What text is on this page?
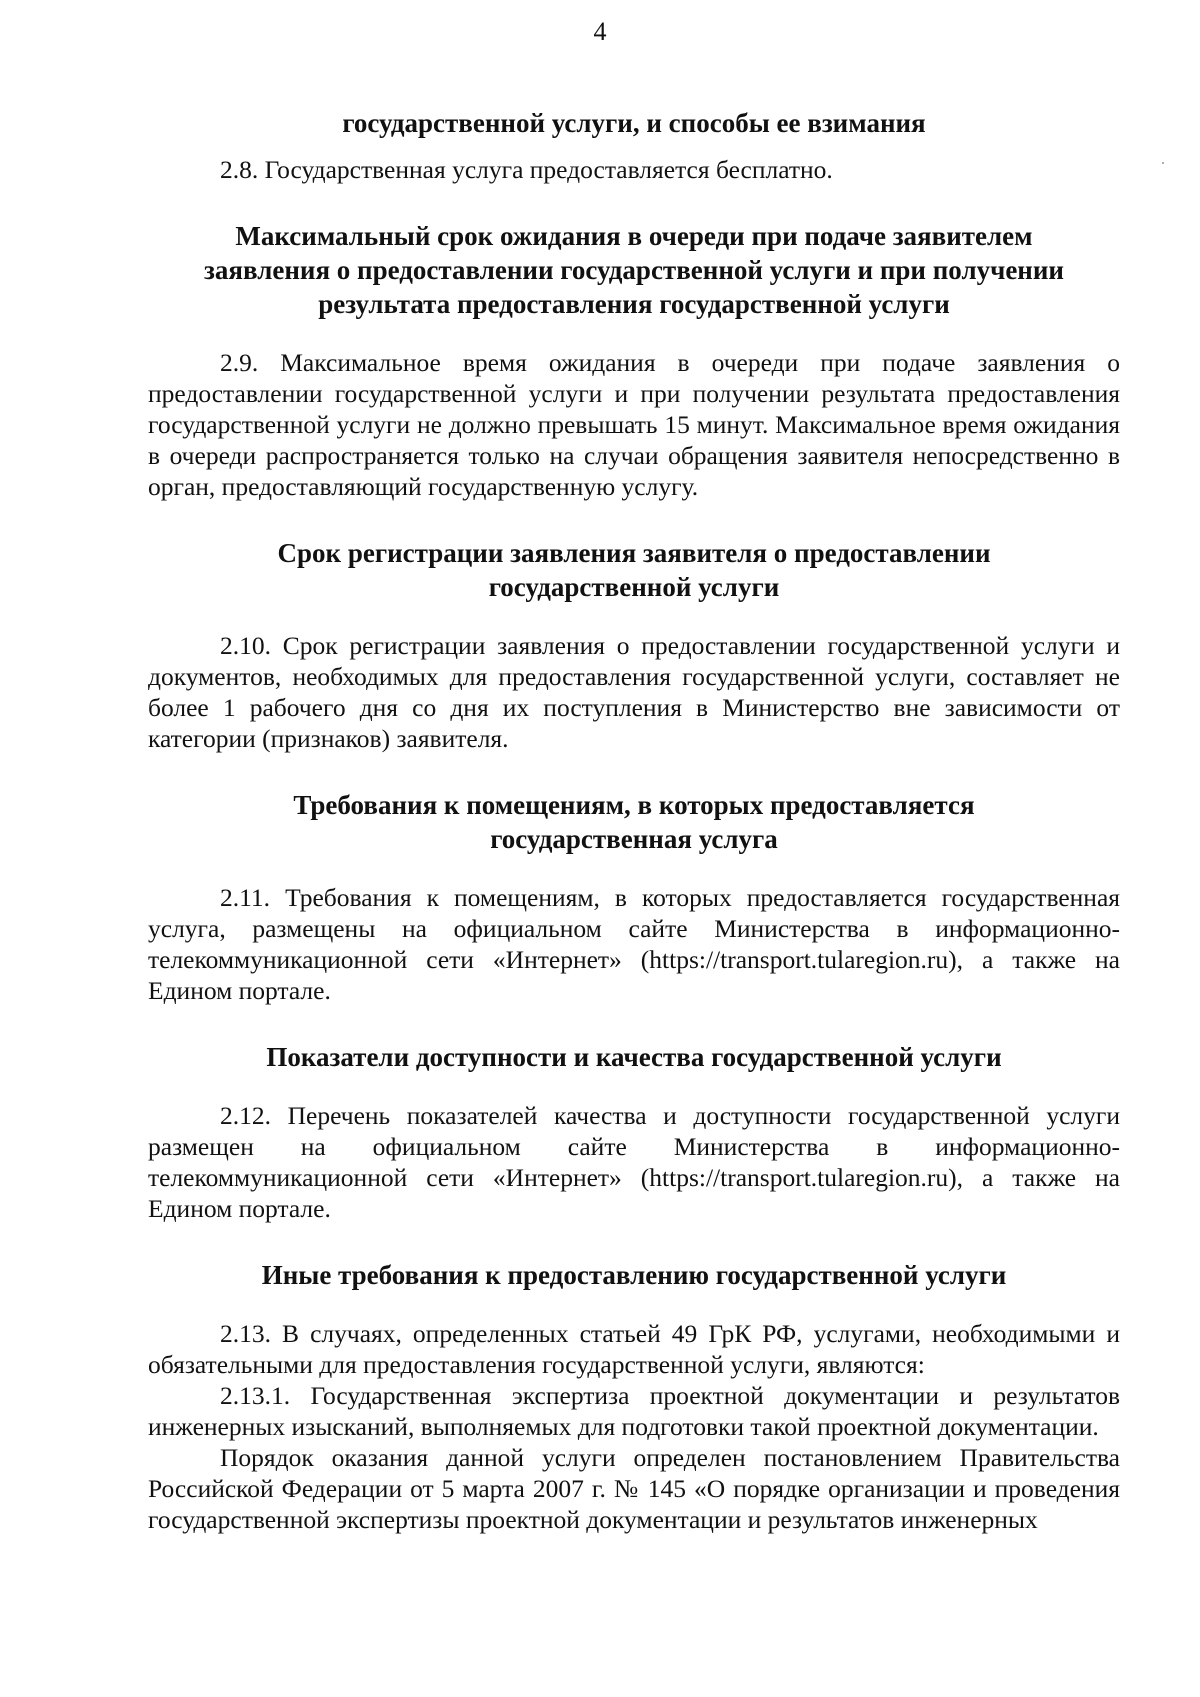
4
государственной услуги, и способы ее взимания

2.8. Государственная услуга предоставляется бесплатно.

Максимальный срок ожидания в очереди при подаче заявителем
заявления о предоставлении государственной услуги и при получении
результата предоставления государственной услуги

2.9. Максимальное время ожидания в очереди при подаче заявления о предоставлении государственной услуги и при получении результата предоставления государственной услуги не должно превышать 15 минут. Максимальное время ожидания в очереди распространяется только на случаи обращения заявителя непосредственно в орган, предоставляющий государственную услугу.

Срок регистрации заявления заявителя о предоставлении
государственной услуги

2.10. Срок регистрации заявления о предоставлении государственной услуги и документов, необходимых для предоставления государственной услуги, составляет не более 1 рабочего дня со дня их поступления в Министерство вне зависимости от категории (признаков) заявителя.

Требования к помещениям, в которых предоставляется
государственная услуга

2.11. Требования к помещениям, в которых предоставляется государственная услуга, размещены на официальном сайте Министерства в информационно-телекоммуникационной сети «Интернет» (https://transport.tularegion.ru), а также на Едином портале.

Показатели доступности и качества государственной услуги

2.12. Перечень показателей качества и доступности государственной услуги размещен на официальном сайте Министерства в информационно-телекоммуникационной сети «Интернет» (https://transport.tularegion.ru), а также на Едином портале.

Иные требования к предоставлению государственной услуги

2.13. В случаях, определенных статьей 49 ГрК РФ, услугами, необходимыми и обязательными для предоставления государственной услуги, являются:

2.13.1. Государственная экспертиза проектной документации и результатов инженерных изысканий, выполняемых для подготовки такой проектной документации.

Порядок оказания данной услуги определен постановлением Правительства Российской Федерации от 5 марта 2007 г. № 145 «О порядке организации и проведения государственной экспертизы проектной документации и результатов инженерных
